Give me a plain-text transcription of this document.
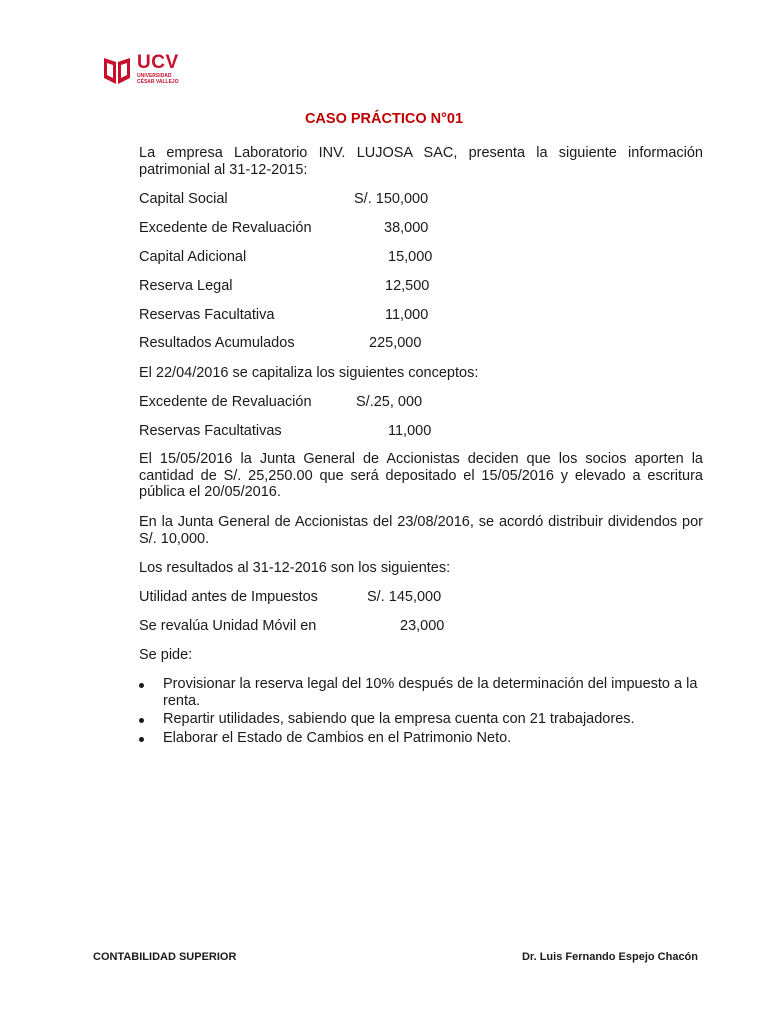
UCV
UNIVERSIDAD
CÉSAR VALLEJO
CASO PRÁCTICO N°01
La empresa Laboratorio INV. LUJOSA SAC, presenta la siguiente información patrimonial al 31-12-2015:
Capital Social	S/. 150,000
Excedente de Revaluación	38,000
Capital Adicional	15,000
Reserva Legal	12,500
Reservas Facultativa	11,000
Resultados Acumulados	225,000
El 22/04/2016 se capitaliza los siguientes conceptos:
Excedente de Revaluación	S/.25, 000
Reservas Facultativas	11,000
El 15/05/2016 la Junta General de Accionistas deciden que los socios aporten la cantidad de S/. 25,250.00 que será depositado el 15/05/2016 y elevado a escritura pública el 20/05/2016.
En la Junta General de Accionistas del 23/08/2016, se acordó distribuir dividendos por S/. 10,000.
Los resultados al 31-12-2016 son los siguientes:
Utilidad antes de Impuestos	S/. 145,000
Se revalúa Unidad Móvil en	23,000
Se pide:
Provisionar la reserva legal del 10% después de la determinación del impuesto a la renta.
Repartir utilidades, sabiendo que la empresa cuenta con 21 trabajadores.
Elaborar el Estado de Cambios en el Patrimonio Neto.
CONTABILIDAD SUPERIOR	Dr. Luis Fernando Espejo Chacón
